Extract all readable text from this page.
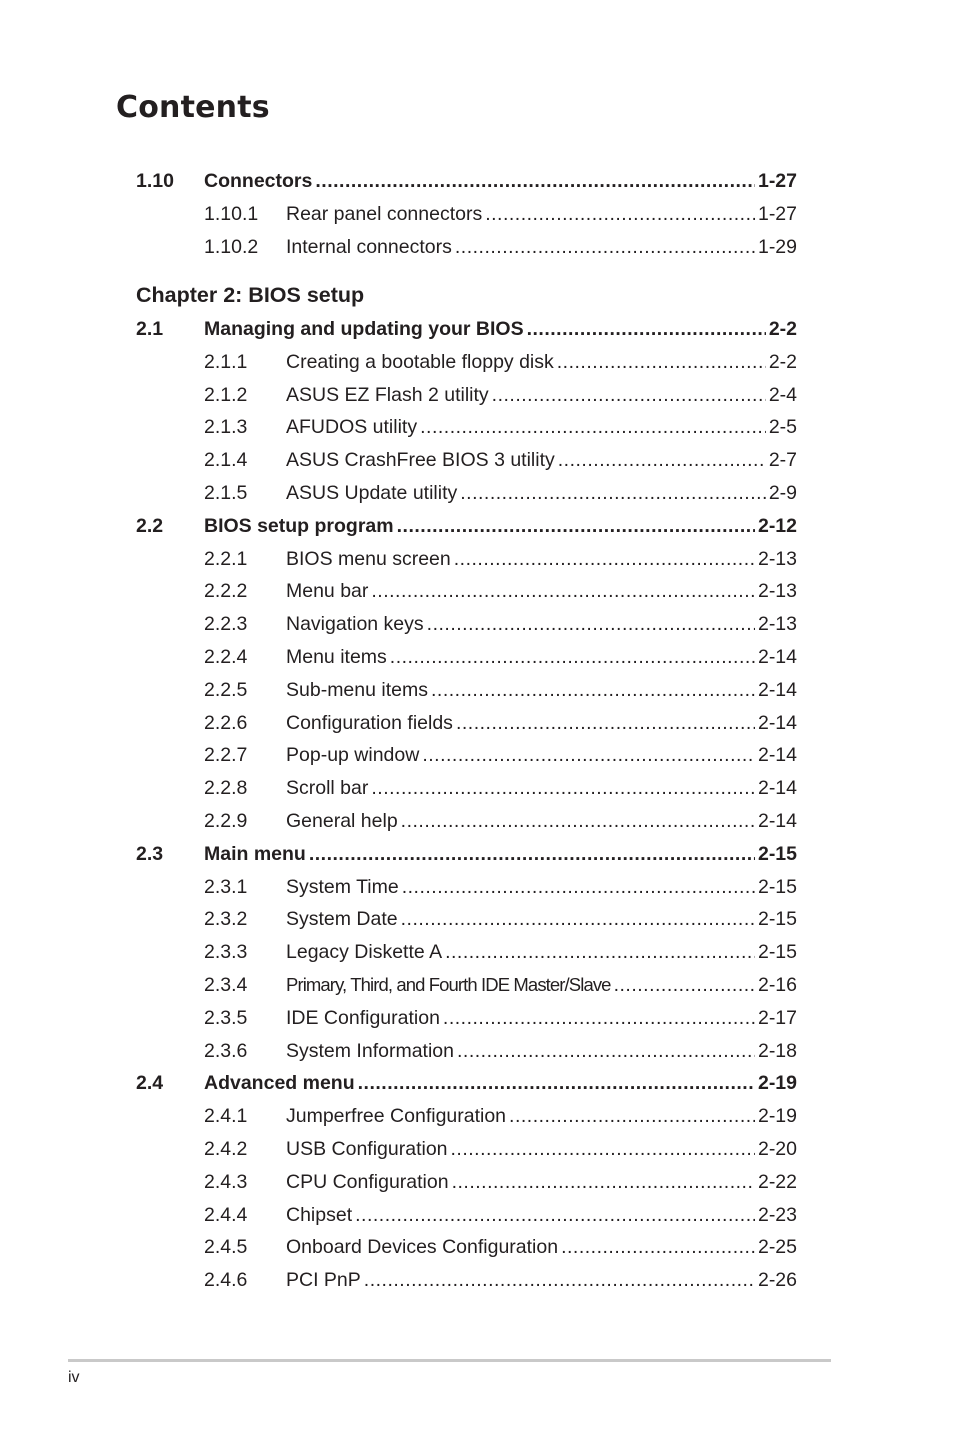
Contents
Chapter 2: BIOS setup
1.10	Connectors .....	1-27
1.10.1	Rear panel connectors .....	1-27
1.10.2	Internal connectors .....	1-29
2.1	Managing and updating your BIOS .....	2-2
2.1.1	Creating a bootable floppy disk .....	2-2
2.1.2	ASUS EZ Flash 2 utility .....	2-4
2.1.3	AFUDOS utility .....	2-5
2.1.4	ASUS CrashFree BIOS 3 utility .....	2-7
2.1.5	ASUS Update utility .....	2-9
2.2	BIOS setup program .....	2-12
2.2.1	BIOS menu screen .....	2-13
2.2.2	Menu bar .....	2-13
2.2.3	Navigation keys .....	2-13
2.2.4	Menu items .....	2-14
2.2.5	Sub-menu items .....	2-14
2.2.6	Configuration fields .....	2-14
2.2.7	Pop-up window .....	2-14
2.2.8	Scroll bar .....	2-14
2.2.9	General help .....	2-14
2.3	Main menu .....	2-15
2.3.1	System Time .....	2-15
2.3.2	System Date .....	2-15
2.3.3	Legacy Diskette A .....	2-15
2.3.4	Primary, Third, and Fourth IDE Master/Slave .....	2-16
2.3.5	IDE Configuration .....	2-17
2.3.6	System Information .....	2-18
2.4	Advanced menu .....	2-19
2.4.1	Jumperfree Configuration .....	2-19
2.4.2	USB Configuration .....	2-20
2.4.3	CPU Configuration .....	2-22
2.4.4	Chipset .....	2-23
2.4.5	Onboard Devices Configuration .....	2-25
2.4.6	PCI PnP .....	2-26
iv
